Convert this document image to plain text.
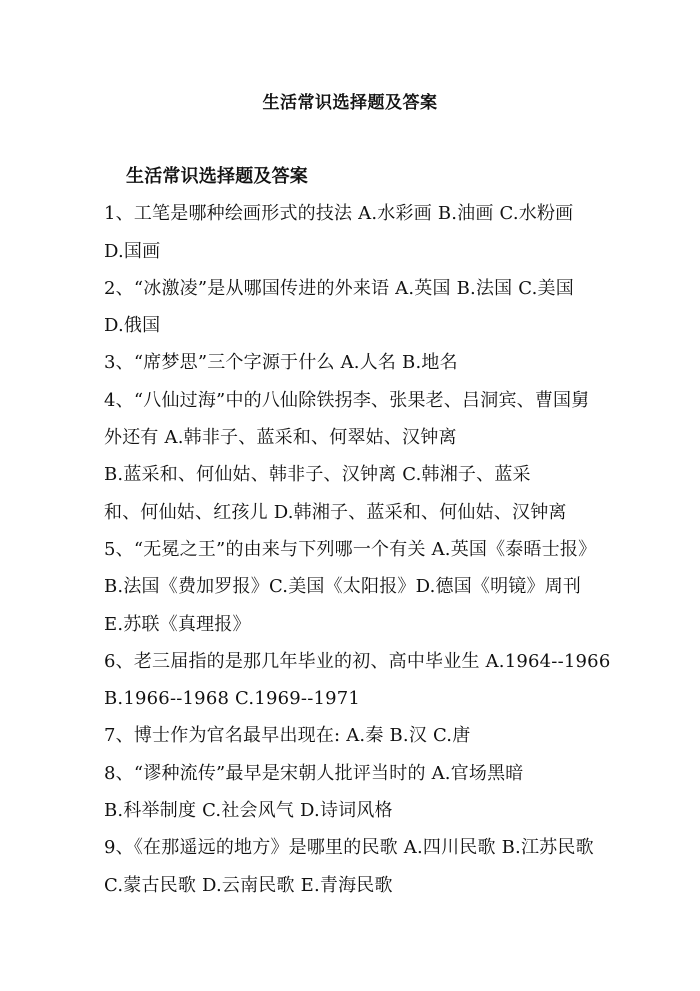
生活常识选择题及答案
生活常识选择题及答案
1、工笔是哪种绘画形式的技法 A.水彩画 B.油画 C.水粉画
D.国画
2、“冰激凌”是从哪国传进的外来语 A.英国 B.法国 C.美国
D.俄国
3、“席梦思”三个字源于什么 A.人名 B.地名
4、“八仙过海”中的八仙除铁拐李、张果老、吕洞宾、曹国舅
外还有 A.韩非子、蓝采和、何翠姑、汉钟离
B.蓝采和、何仙姑、韩非子、汉钟离 C.韩湘子、蓝采
和、何仙姑、红孩儿 D.韩湘子、蓝采和、何仙姑、汉钟离
5、“无冕之王”的由来与下列哪一个有关 A.英国《泰晤士报》
B.法国《费加罗报》C.美国《太阳报》D.德国《明镜》周刊
E.苏联《真理报》
6、老三届指的是那几年毕业的初、高中毕业生 A.1964--1966
B.1966--1968 C.1969--1971
7、博士作为官名最早出现在: A.秦 B.汉 C.唐
8、“谬种流传”最早是宋朝人批评当时的 A.官场黑暗
B.科举制度 C.社会风气 D.诗词风格
9、《在那遥远的地方》是哪里的民歌 A.四川民歌 B.江苏民歌
C.蒙古民歌 D.云南民歌 E.青海民歌
